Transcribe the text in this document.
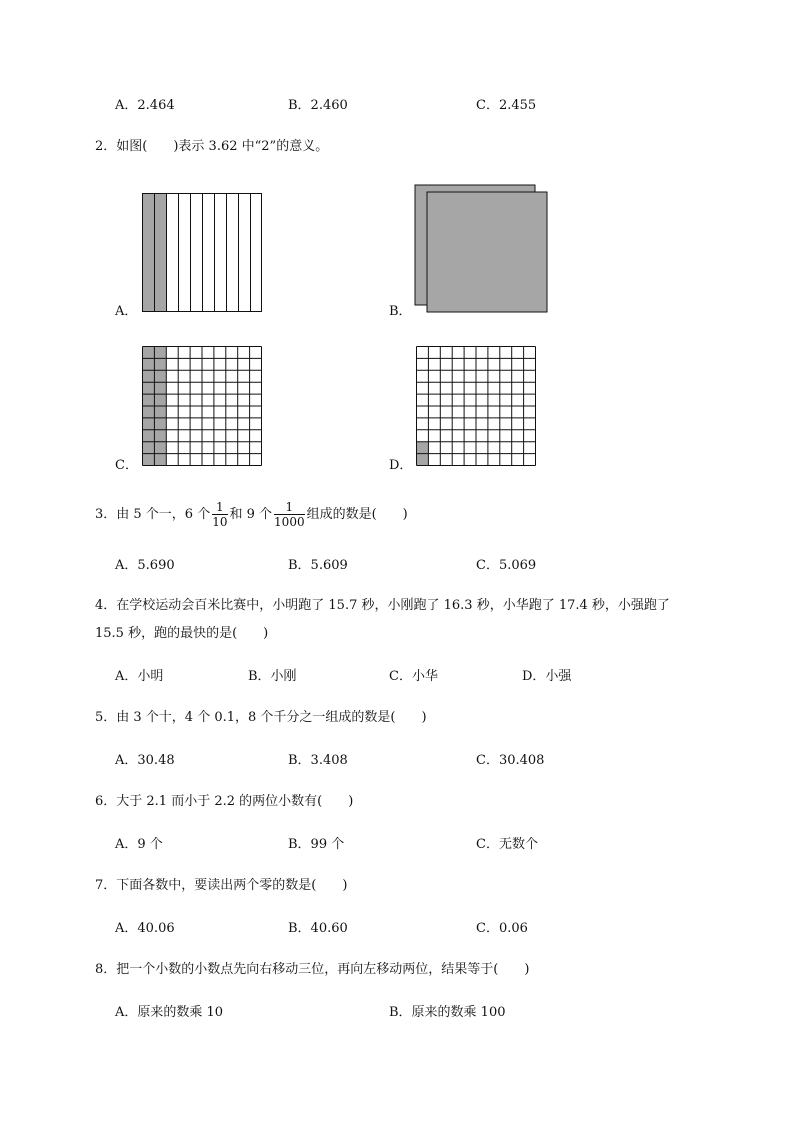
A．2.464	B．2.460	C．2.455
2．如图(　　)表示 3.62 中“2”的意义。
A．	B．
C．	D．
3．由 5 个一，6 个 $\frac{1}{10}$ 和 9 个 $\frac{1}{1000}$ 组成的数是(　　)
A．5.690	B．5.609	C．5.069
4．在学校运动会百米比赛中，小明跑了 15.7 秒，小刚跑了 16.3 秒，小华跑了 17.4 秒，小强跑了
15.5 秒，跑的最快的是(　　)
A．小明	B．小刚	C．小华	D．小强
5．由 3 个十，4 个 0.1，8 个千分之一组成的数是(　　)
A．30.48	B．3.408	C．30.408
6．大于 2.1 而小于 2.2 的两位小数有(　　)
A．9 个	B．99 个	C．无数个
7．下面各数中，要读出两个零的数是(　　)
A．40.06	B．40.60	C．0.06
8．把一个小数的小数点先向右移动三位，再向左移动两位，结果等于(　　)
A．原来的数乘 10	B．原来的数乘 100
